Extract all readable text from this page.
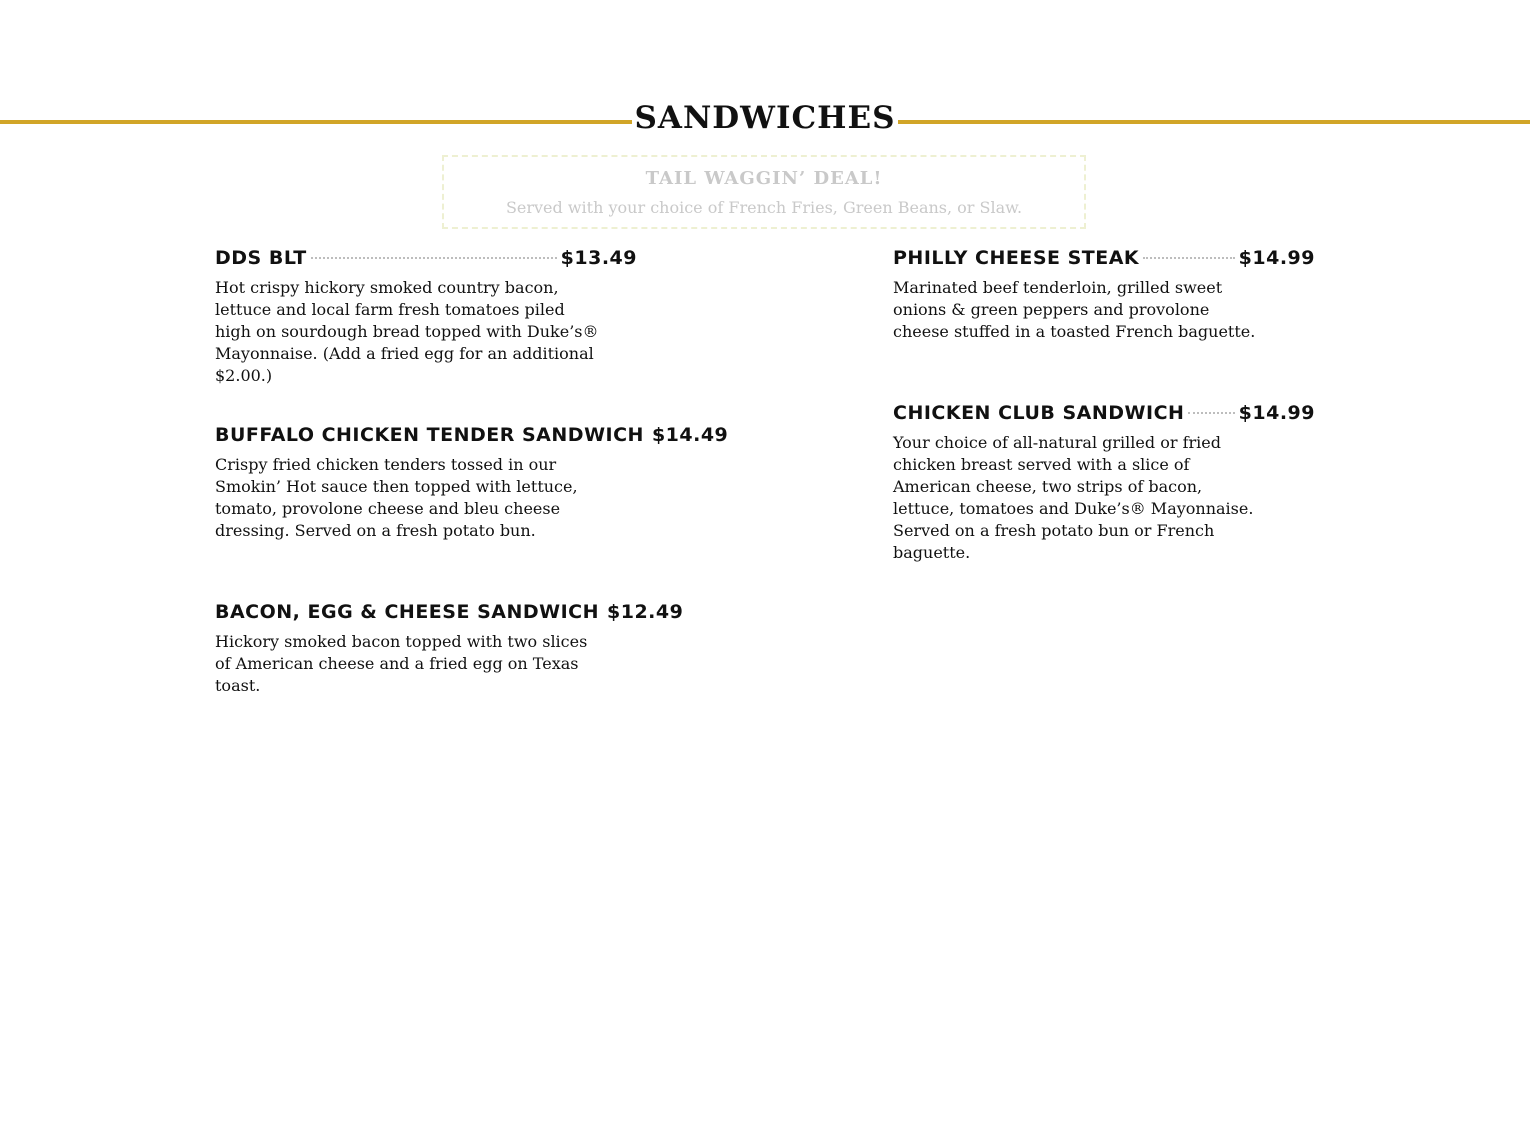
SANDWICHES
TAIL WAGGIN’ DEAL!
Served with your choice of French Fries, Green Beans, or Slaw.
DDS BLT	$13.49
Hot crispy hickory smoked country bacon, lettuce and local farm fresh tomatoes piled high on sourdough bread topped with Duke’s® Mayonnaise. (Add a fried egg for an additional $2.00.)
BUFFALO CHICKEN TENDER SANDWICH $14.49
Crispy fried chicken tenders tossed in our Smokin’ Hot sauce then topped with lettuce, tomato, provolone cheese and bleu cheese dressing. Served on a fresh potato bun.
BACON, EGG & CHEESE SANDWICH $12.49
Hickory smoked bacon topped with two slices of American cheese and a fried egg on Texas toast.
PHILLY CHEESE STEAK	$14.99
Marinated beef tenderloin, grilled sweet onions & green peppers and provolone cheese stuffed in a toasted French baguette.
CHICKEN CLUB SANDWICH	$14.99
Your choice of all-natural grilled or fried chicken breast served with a slice of American cheese, two strips of bacon, lettuce, tomatoes and Duke’s® Mayonnaise. Served on a fresh potato bun or French baguette.
